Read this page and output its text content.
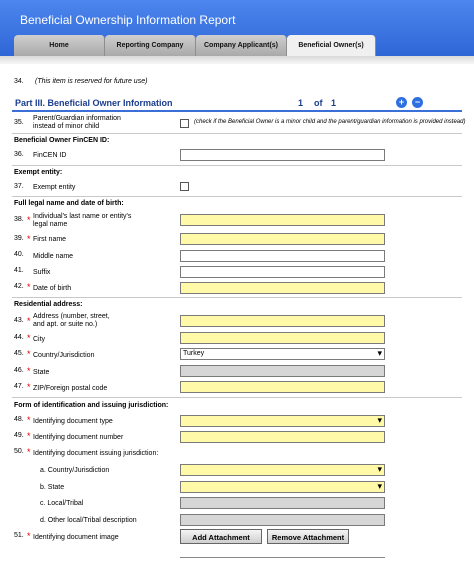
Beneficial Ownership Information Report
Home	Reporting Company	Company Applicant(s)	Beneficial Owner(s)
34. (This item is reserved for future use)
Part III. Beneficial Owner Information	1 of 1	+	−
35.
Parent/Guardian information instead of minor child
(check if the Beneficial Owner is a minor child and the parent/guardian information is provided instead)
Beneficial Owner FinCEN ID:
36. FinCEN ID
Exempt entity:
37. Exempt entity
Full legal name and date of birth:
38. * Individual's last name or entity's legal name
39. * First name
40. Middle name
41. Suffix
42. * Date of birth
Residential address:
43. * Address (number, street, and apt. or suite no.)
44. * City
45. * Country/Jurisdiction	Turkey
▾
46. * State
47. * ZIP/Foreign postal code
Form of identification and issuing jurisdiction:
48. * Identifying document type
▾
49. * Identifying document number
50. * Identifying document issuing jurisdiction:
a. Country/Jurisdiction
▾
b. State
▾
c. Local/Tribal
d. Other local/Tribal description
51. * Identifying document image	Add Attachment	Remove Attachment
